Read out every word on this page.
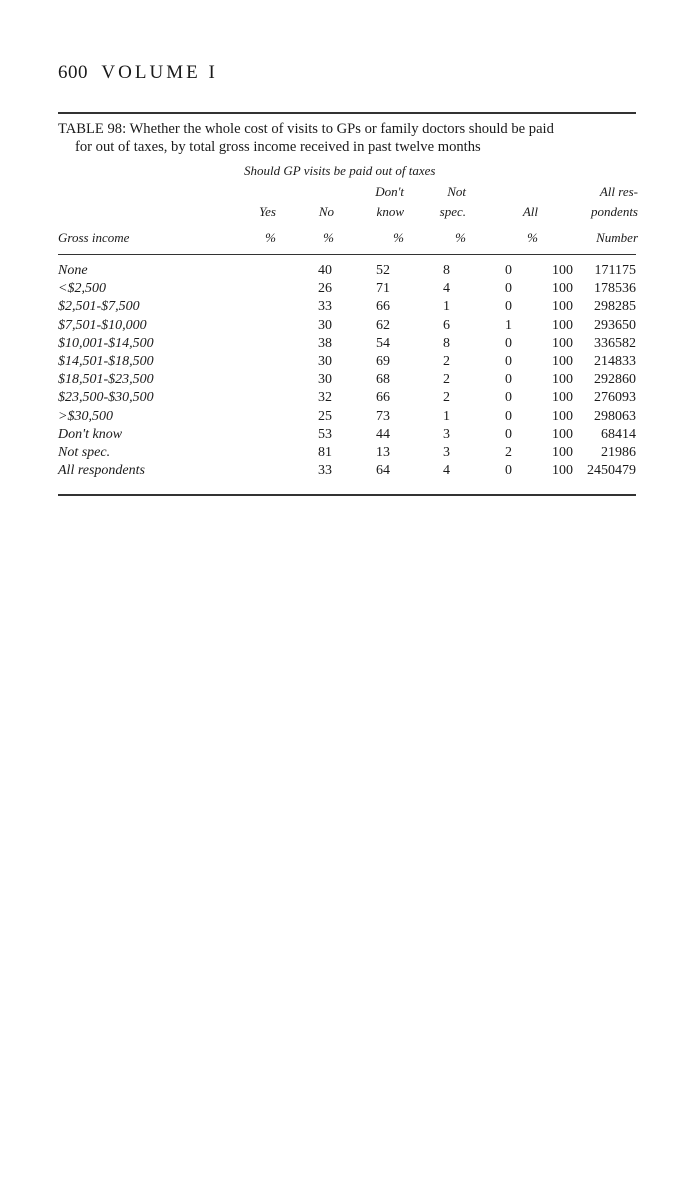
600 VOLUME I
TABLE 98: Whether the whole cost of visits to GPs or family doctors should be paid
for out of taxes, by total gross income received in past twelve months
Should GP visits be paid out of taxes
Don't	Not	All res-
Yes	No	know	spec.	All	pondents
Gross income	%	%	%	%	%	Number
None	40	52	8	0	100 171175
<$2,500	26	71	4	0	100 178536
$2,501-$7,500	33	66	1	0	100 298285
$7,501-$10,000	30	62	6	1	100 293650
$10,001-$14,500	38	54	8	0	100 336582
$14,501-$18,500	30	69	2	0	100 214833
$18,501-$23,500	30	68	2	0	100 292860
$23,500-$30,500	32	66	2	0	100 276093
>$30,500	25	73	1	0	100 298063
Don't know	53	44	3	0	100 68414
Not spec.	81	13	3	2	100 21986
All respondents	33	64	4	0	100 2450479
